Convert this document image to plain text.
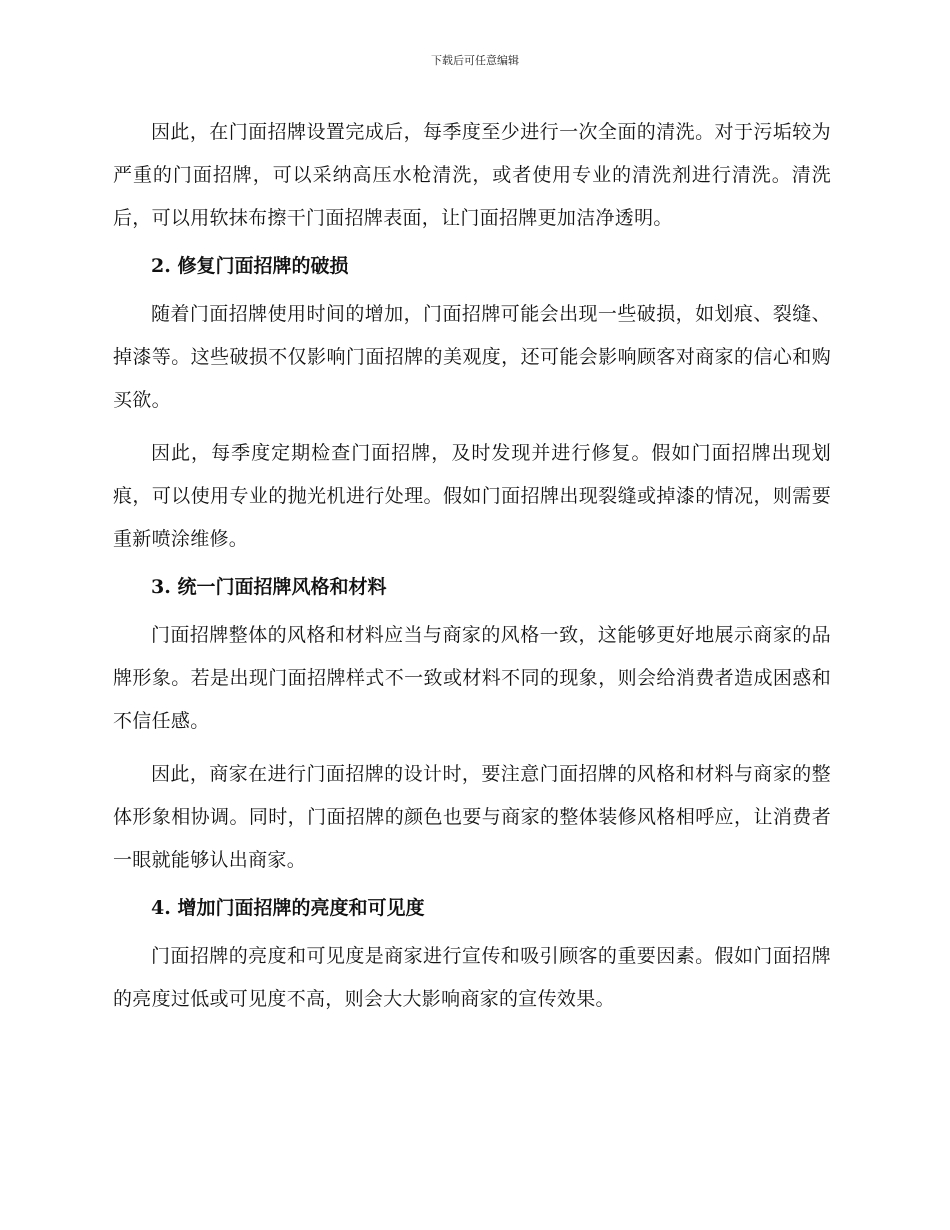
下载后可任意编辑

因此，在门面招牌设置完成后，每季度至少进行一次全面的清洗。对于污垢较为严重的门面招牌，可以采纳高压水枪清洗，或者使用专业的清洗剂进行清洗。清洗后，可以用软抹布擦干门面招牌表面，让门面招牌更加洁净透明。

2. 修复门面招牌的破损

随着门面招牌使用时间的增加，门面招牌可能会出现一些破损，如划痕、裂缝、掉漆等。这些破损不仅影响门面招牌的美观度，还可能会影响顾客对商家的信心和购买欲。

因此，每季度定期检查门面招牌，及时发现并进行修复。假如门面招牌出现划痕，可以使用专业的抛光机进行处理。假如门面招牌出现裂缝或掉漆的情况，则需要重新喷涂维修。

3. 统一门面招牌风格和材料

门面招牌整体的风格和材料应当与商家的风格一致，这能够更好地展示商家的品牌形象。若是出现门面招牌样式不一致或材料不同的现象，则会给消费者造成困惑和不信任感。

因此，商家在进行门面招牌的设计时，要注意门面招牌的风格和材料与商家的整体形象相协调。同时，门面招牌的颜色也要与商家的整体装修风格相呼应，让消费者一眼就能够认出商家。

4. 增加门面招牌的亮度和可见度

门面招牌的亮度和可见度是商家进行宣传和吸引顾客的重要因素。假如门面招牌的亮度过低或可见度不高，则会大大影响商家的宣传效果。
